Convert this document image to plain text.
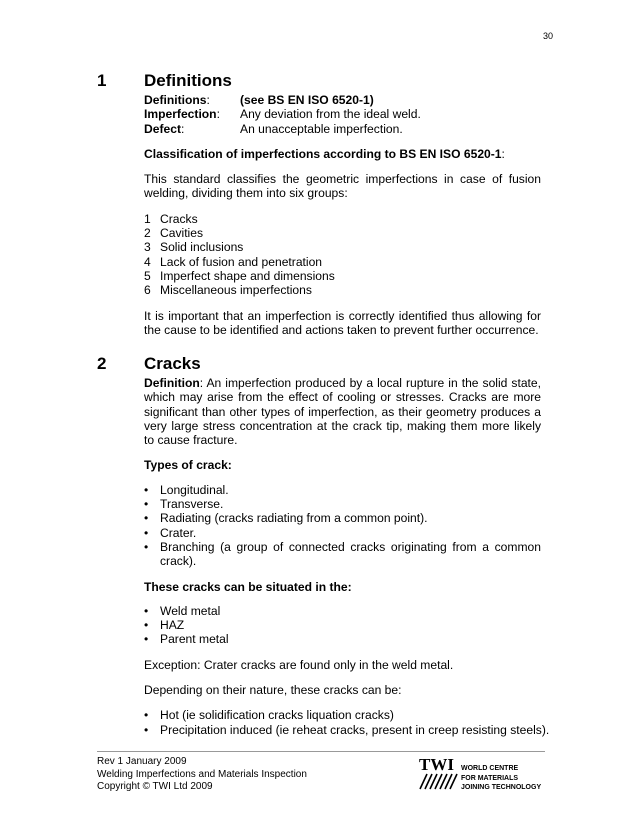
30
1 Definitions
Definitions:	(see BS EN ISO 6520-1)
Imperfection:	Any deviation from the ideal weld.
Defect:	An unacceptable imperfection.

Classification of imperfections according to BS EN ISO 6520-1:

This standard classifies the geometric imperfections in case of fusion welding, dividing them into six groups:

1 Cracks
2 Cavities
3 Solid inclusions
4 Lack of fusion and penetration
5 Imperfect shape and dimensions
6 Miscellaneous imperfections

It is important that an imperfection is correctly identified thus allowing for the cause to be identified and actions taken to prevent further occurrence.

2 Cracks

Definition: An imperfection produced by a local rupture in the solid state, which may arise from the effect of cooling or stresses. Cracks are more significant than other types of imperfection, as their geometry produces a very large stress concentration at the crack tip, making them more likely to cause fracture.

Types of crack:

• Longitudinal.
• Transverse.
• Radiating (cracks radiating from a common point).
• Crater.
• Branching (a group of connected cracks originating from a common crack).

These cracks can be situated in the:

• Weld metal
• HAZ
• Parent metal

Exception: Crater cracks are found only in the weld metal.

Depending on their nature, these cracks can be:

• Hot (ie solidification cracks liquation cracks)
• Precipitation induced (ie reheat cracks, present in creep resisting steels).
Rev 1 January 2009
Welding Imperfections and Materials Inspection
Copyright © TWI Ltd 2009
TWI WORLD CENTRE
FOR MATERIALS
JOINING TECHNOLOGY
